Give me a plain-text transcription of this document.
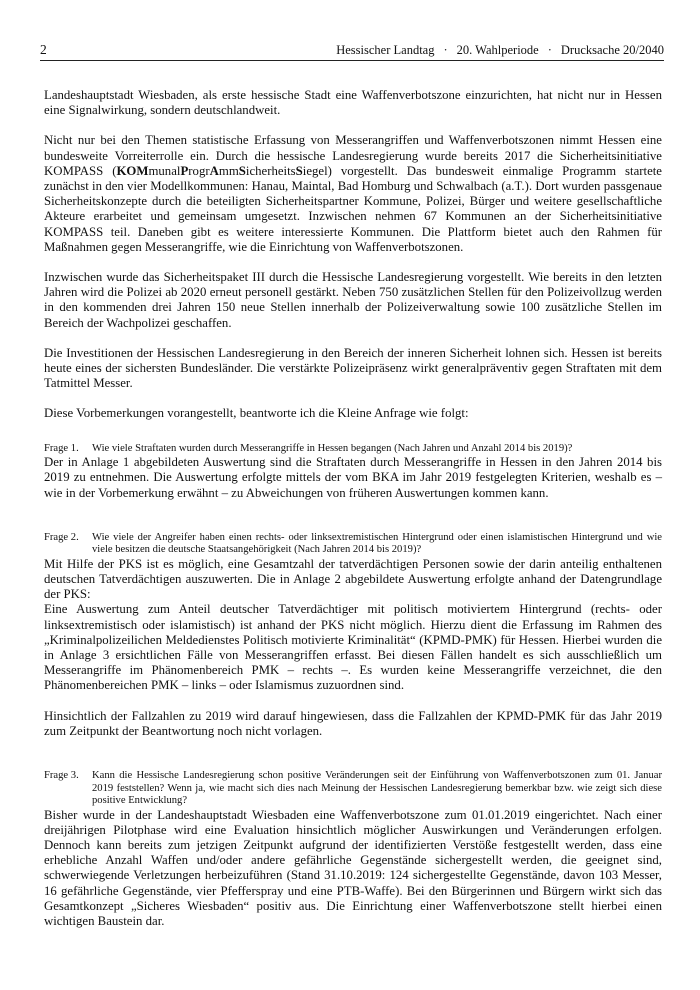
2	Hessischer Landtag · 20. Wahlperiode · Drucksache 20/2040

Landeshauptstadt Wiesbaden, als erste hessische Stadt eine Waffenverbotszone einzurichten, hat nicht nur in Hessen eine Signalwirkung, sondern deutschlandweit.

Nicht nur bei den Themen statistische Erfassung von Messerangriffen und Waffenverbotszonen nimmt Hessen eine bundesweite Vorreiterrolle ein. Durch die hessische Landesregierung wurde bereits 2017 die Sicherheitsinitiative KOMPASS (KOMmunalProgrAmmSicherheitsSiegel) vorgestellt. Das bundesweit einmalige Programm startete zunächst in den vier Modellkommunen: Hanau, Maintal, Bad Homburg und Schwalbach (a.T.). Dort wurden passgenaue Sicherheitskonzepte durch die beteiligten Sicherheitspartner Kommune, Polizei, Bürger und weitere gesellschaftliche Akteure erarbeitet und gemeinsam umgesetzt. Inzwischen nehmen 67 Kommunen an der Sicherheitsinitiative KOMPASS teil. Daneben gibt es weitere interessierte Kommunen. Die Plattform bietet auch den Rahmen für Maßnahmen gegen Messerangriffe, wie die Einrichtung von Waffenverbotszonen.

Inzwischen wurde das Sicherheitspaket III durch die Hessische Landesregierung vorgestellt. Wie bereits in den letzten Jahren wird die Polizei ab 2020 erneut personell gestärkt. Neben 750 zusätzlichen Stellen für den Polizeivollzug werden in den kommenden drei Jahren 150 neue Stellen innerhalb der Polizeiverwaltung sowie 100 zusätzliche Stellen im Bereich der Wachpolizei geschaffen.

Die Investitionen der Hessischen Landesregierung in den Bereich der inneren Sicherheit lohnen sich. Hessen ist bereits heute eines der sichersten Bundesländer. Die verstärkte Polizeipräsenz wirkt generalpräventiv gegen Straftaten mit dem Tatmittel Messer.

Diese Vorbemerkungen vorangestellt, beantworte ich die Kleine Anfrage wie folgt:

Frage 1.	Wie viele Straftaten wurden durch Messerangriffe in Hessen begangen (Nach Jahren und Anzahl 2014 bis 2019)?

Der in Anlage 1 abgebildeten Auswertung sind die Straftaten durch Messerangriffe in Hessen in den Jahren 2014 bis 2019 zu entnehmen. Die Auswertung erfolgte mittels der vom BKA im Jahr 2019 festgelegten Kriterien, weshalb es – wie in der Vorbemerkung erwähnt – zu Abweichungen von früheren Auswertungen kommen kann.

Frage 2.	Wie viele der Angreifer haben einen rechts- oder linksextremistischen Hintergrund oder einen islamistischen Hintergrund und wie viele besitzen die deutsche Staatsangehörigkeit (Nach Jahren 2014 bis 2019)?

Mit Hilfe der PKS ist es möglich, eine Gesamtzahl der tatverdächtigen Personen sowie der darin anteilig enthaltenen deutschen Tatverdächtigen auszuwerten. Die in Anlage 2 abgebildete Auswertung erfolgte anhand der Datengrundlage der PKS:

Eine Auswertung zum Anteil deutscher Tatverdächtiger mit politisch motiviertem Hintergrund (rechts- oder linksextremistisch oder islamistisch) ist anhand der PKS nicht möglich. Hierzu dient die Erfassung im Rahmen des „Kriminalpolizeilichen Meldedienstes Politisch motivierte Kriminalität“ (KPMD-PMK) für Hessen. Hierbei wurden die in Anlage 3 ersichtlichen Fälle von Messerangriffen erfasst. Bei diesen Fällen handelt es sich ausschließlich um Messerangriffe im Phänomenbereich PMK – rechts –. Es wurden keine Messerangriffe verzeichnet, die den Phänomenbereichen PMK – links – oder Islamismus zuzuordnen sind.

Hinsichtlich der Fallzahlen zu 2019 wird darauf hingewiesen, dass die Fallzahlen der KPMD-PMK für das Jahr 2019 zum Zeitpunkt der Beantwortung noch nicht vorlagen.

Frage 3.	Kann die Hessische Landesregierung schon positive Veränderungen seit der Einführung von Waffenverbotszonen zum 01. Januar 2019 feststellen? Wenn ja, wie macht sich dies nach Meinung der Hessischen Landesregierung bemerkbar bzw. wie zeigt sich diese positive Entwicklung?

Bisher wurde in der Landeshauptstadt Wiesbaden eine Waffenverbotszone zum 01.01.2019 eingerichtet. Nach einer dreijährigen Pilotphase wird eine Evaluation hinsichtlich möglicher Auswirkungen und Veränderungen erfolgen. Dennoch kann bereits zum jetzigen Zeitpunkt aufgrund der identifizierten Verstöße festgestellt werden, dass eine erhebliche Anzahl Waffen und/oder andere gefährliche Gegenstände sichergestellt werden, die geeignet sind, schwerwiegende Verletzungen herbeizuführen (Stand 31.10.2019: 124 sichergestellte Gegenstände, davon 103 Messer, 16 gefährliche Gegenstände, vier Pfefferspray und eine PTB-Waffe). Bei den Bürgerinnen und Bürgern wirkt sich das Gesamtkonzept „Sicheres Wiesbaden“ positiv aus. Die Einrichtung einer Waffenverbotszone stellt hierbei einen wichtigen Baustein dar.
